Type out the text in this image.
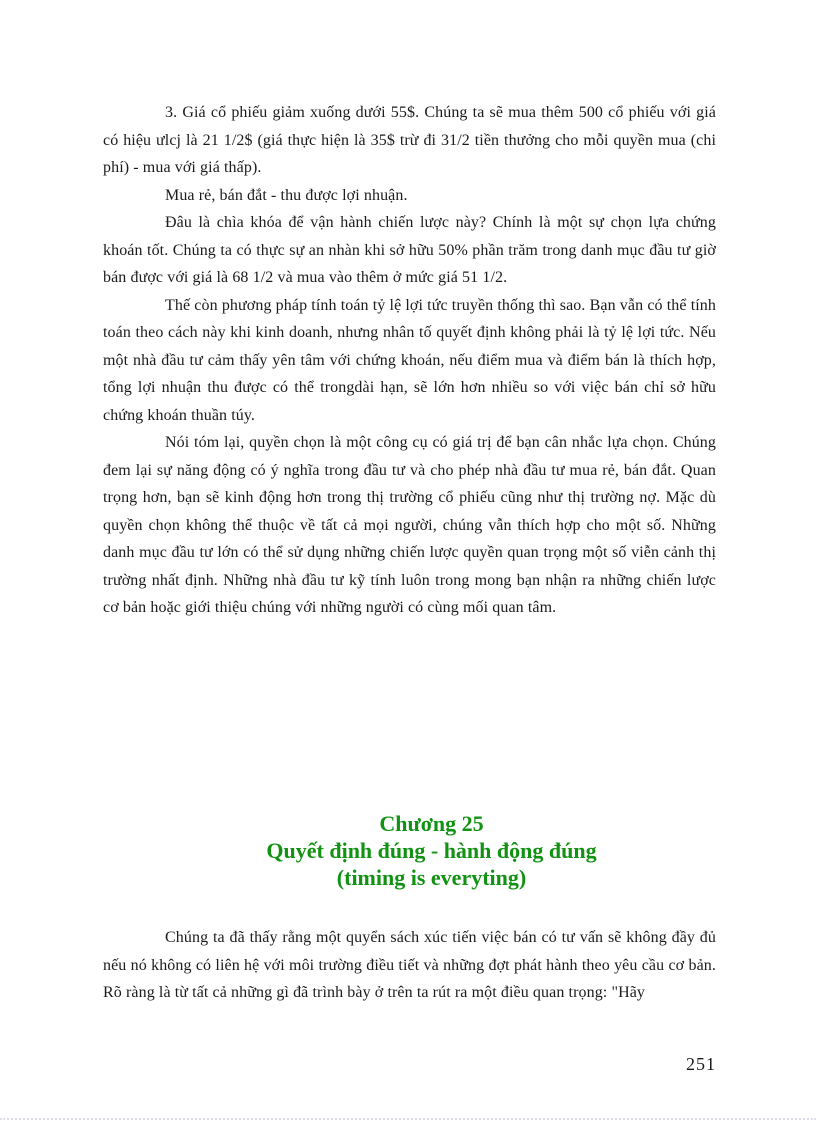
3. Giá cổ phiếu giảm xuống dưới 55$. Chúng ta sẽ mua thêm 500 cổ phiếu với giá có hiệu ưlcj là 21 1/2$ (giá thực hiện là 35$ trừ đi 31/2 tiền thưởng cho mỗi quyền mua (chi phí) - mua với giá thấp).

Mua rẻ, bán đắt - thu được lợi nhuận.

Đâu là chìa khóa để vận hành chiến lược này? Chính là một sự chọn lựa chứng khoán tốt. Chúng ta có thực sự an nhàn khi sở hữu 50% phần trăm trong danh mục đầu tư giờ bán được với giá là 68 1/2 và mua vào thêm ở mức giá 51 1/2.

Thế còn phương pháp tính toán tỷ lệ lợi tức truyền thống thì sao. Bạn vẫn có thể tính toán theo cách này khi kinh doanh, nhưng nhân tố quyết định không phải là tỷ lệ lợi tức. Nếu một nhà đầu tư cảm thấy yên tâm với chứng khoán, nếu điểm mua và điểm bán là thích hợp, tổng lợi nhuận thu được có thể trongdài hạn, sẽ lớn hơn nhiều so với việc bán chỉ sở hữu chứng khoán thuần túy.

Nói tóm lại, quyền chọn là một công cụ có giá trị để bạn cân nhắc lựa chọn. Chúng đem lại sự năng động có ý nghĩa trong đầu tư và cho phép nhà đầu tư mua rẻ, bán đắt. Quan trọng hơn, bạn sẽ kinh động hơn trong thị trường cổ phiếu cũng như thị trường nợ. Mặc dù quyền chọn không thể thuộc về tất cả mọi người, chúng vẫn thích hợp cho một số. Những danh mục đầu tư lớn có thể sử dụng những chiến lược quyền quan trọng một số viễn cảnh thị trường nhất định. Những nhà đầu tư kỹ tính luôn trong mong bạn nhận ra những chiến lược cơ bản hoặc giới thiệu chúng với những người có cùng mối quan tâm.

Chương 25
Quyết định đúng - hành động đúng
(timing is everyting)

Chúng ta đã thấy rằng một quyển sách xúc tiến việc bán có tư vấn sẽ không đầy đủ nếu nó không có liên hệ với môi trường điều tiết và những đợt phát hành theo yêu cầu cơ bản. Rõ ràng là từ tất cả những gì đã trình bày ở trên ta rút ra một điều quan trọng: "Hãy

251
